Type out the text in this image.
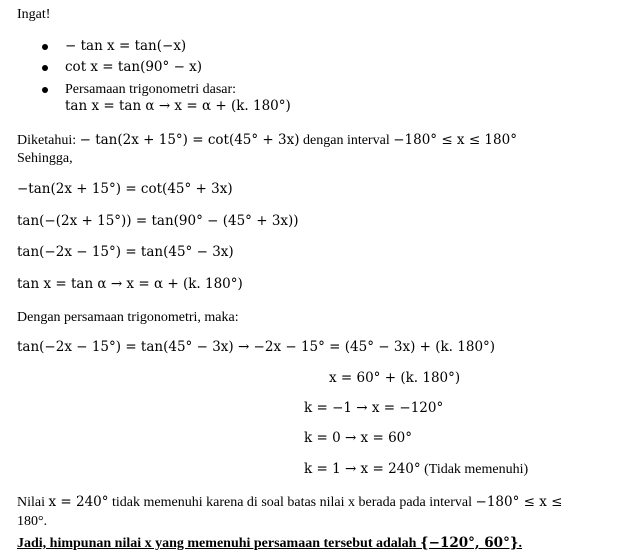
Ingat!
− tan x = tan(−x)
cot x = tan(90° − x)
Persamaan trigonometri dasar:
tan x = tan α → x = α + (k. 180°)
Diketahui: − tan(2x + 15°) = cot(45° + 3x) dengan interval −180° ≤ x ≤ 180°
Sehingga,
−tan(2x + 15°) = cot(45° + 3x)
tan(−(2x + 15°)) = tan(90° − (45° + 3x))
tan(−2x − 15°) = tan(45° − 3x)
tan x = tan α → x = α + (k. 180°)
Dengan persamaan trigonometri, maka:
tan(−2x − 15°) = tan(45° − 3x) → −2x − 15° = (45° − 3x) + (k. 180°)
x = 60° + (k. 180°)
k = −1 → x = −120°
k = 0 → x = 60°
k = 1 → x = 240° (Tidak memenuhi)
Nilai x = 240° tidak memenuhi karena di soal batas nilai x berada pada interval −180° ≤ x ≤
180°.
Jadi, himpunan nilai x yang memenuhi persamaan tersebut adalah {−120°, 60°}.
